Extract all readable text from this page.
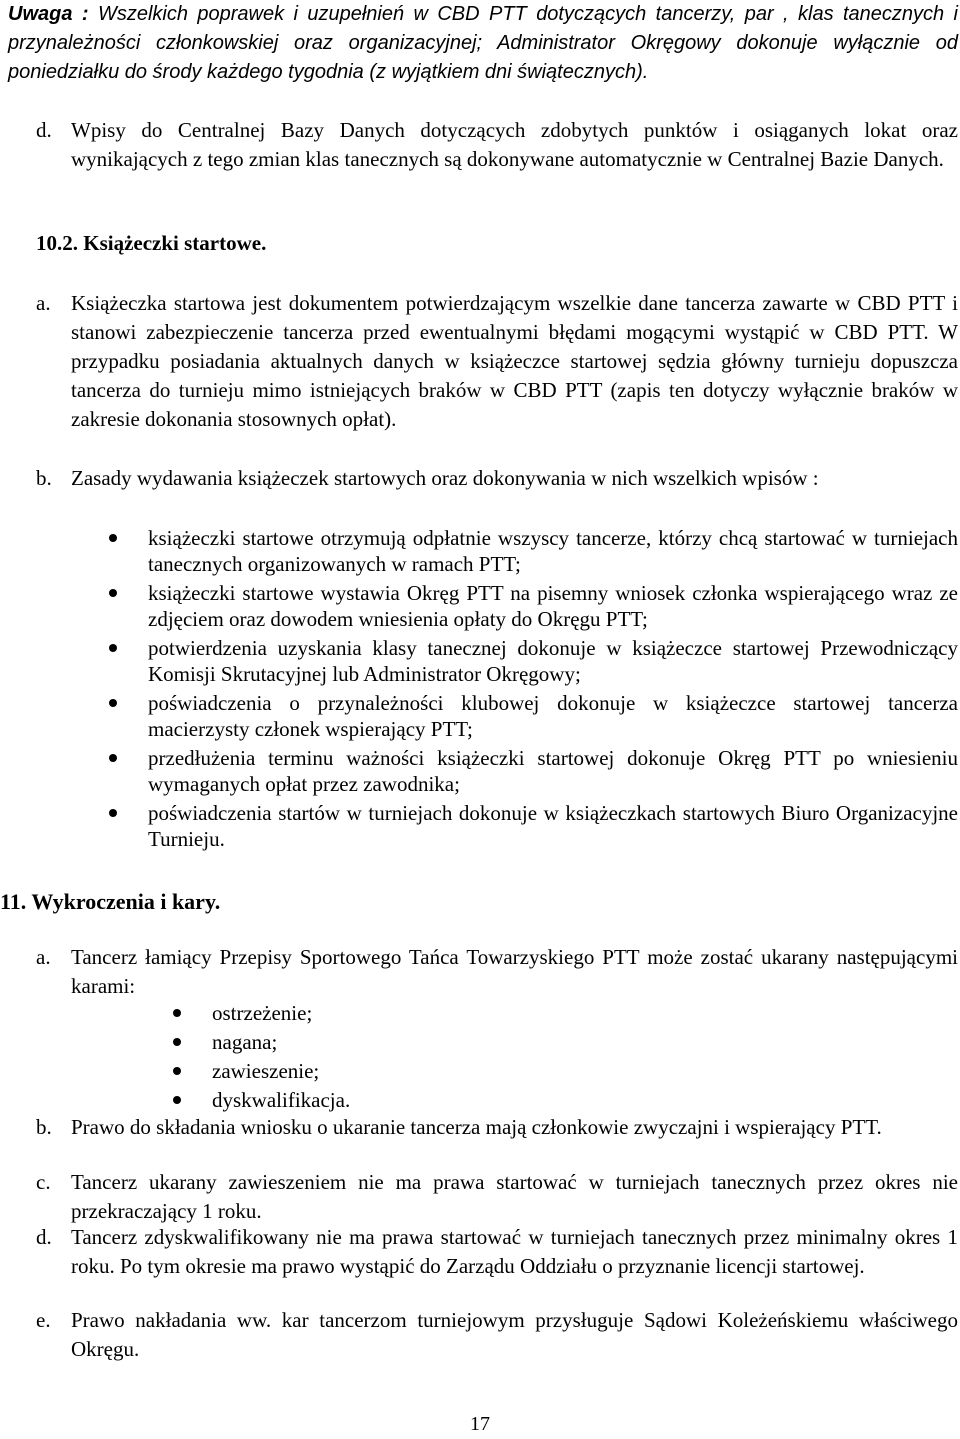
Uwaga : Wszelkich poprawek i uzupełnień w CBD PTT dotyczących tancerzy, par , klas tanecznych i przynależności członkowskiej oraz organizacyjnej; Administrator Okręgowy dokonuje wyłącznie od poniedziałku do środy każdego tygodnia (z wyjątkiem dni świątecznych).
d. Wpisy do Centralnej Bazy Danych dotyczących zdobytych punktów i osiąganych lokat oraz wynikających z tego zmian klas tanecznych są dokonywane automatycznie w Centralnej Bazie Danych.
10.2. Książeczki startowe.
a. Książeczka startowa jest dokumentem potwierdzającym wszelkie dane tancerza zawarte w CBD PTT i stanowi zabezpieczenie tancerza przed ewentualnymi błędami mogącymi wystąpić w CBD PTT. W przypadku posiadania aktualnych danych w książeczce startowej sędzia główny turnieju dopuszcza tancerza do turnieju mimo istniejących braków w CBD PTT (zapis ten dotyczy wyłącznie braków w zakresie dokonania stosownych opłat).
b. Zasady wydawania książeczek startowych oraz dokonywania w nich wszelkich wpisów :
książeczki startowe otrzymują odpłatnie wszyscy tancerze, którzy chcą startować w turniejach tanecznych organizowanych w ramach PTT;
książeczki startowe wystawia Okręg PTT na pisemny wniosek członka wspierającego wraz ze zdjęciem oraz dowodem wniesienia opłaty do Okręgu PTT;
potwierdzenia uzyskania klasy tanecznej dokonuje w książeczce startowej Przewodniczący Komisji Skrutacyjnej lub Administrator Okręgowy;
poświadczenia o przynależności klubowej dokonuje w książeczce startowej tancerza macierzysty członek wspierający PTT;
przedłużenia terminu ważności książeczki startowej dokonuje Okręg PTT po wniesieniu wymaganych opłat przez zawodnika;
poświadczenia startów w turniejach dokonuje w książeczkach startowych Biuro Organizacyjne Turnieju.
11. Wykroczenia i kary.
a. Tancerz łamiący Przepisy Sportowego Tańca Towarzyskiego PTT może zostać ukarany następującymi karami:
ostrzeżenie;
nagana;
zawieszenie;
dyskwalifikacja.
b. Prawo do składania wniosku o ukaranie tancerza mają członkowie zwyczajni i wspierający PTT.
c. Tancerz ukarany zawieszeniem nie ma prawa startować w turniejach tanecznych przez okres nie przekraczający 1 roku.
d. Tancerz zdyskwalifikowany nie ma prawa startować w turniejach tanecznych przez minimalny okres 1 roku. Po tym okresie ma prawo wystąpić do Zarządu Oddziału o przyznanie licencji startowej.
e. Prawo nakładania ww. kar tancerzom turniejowym przysługuje Sądowi Koleżeńskiemu właściwego Okręgu.
17
